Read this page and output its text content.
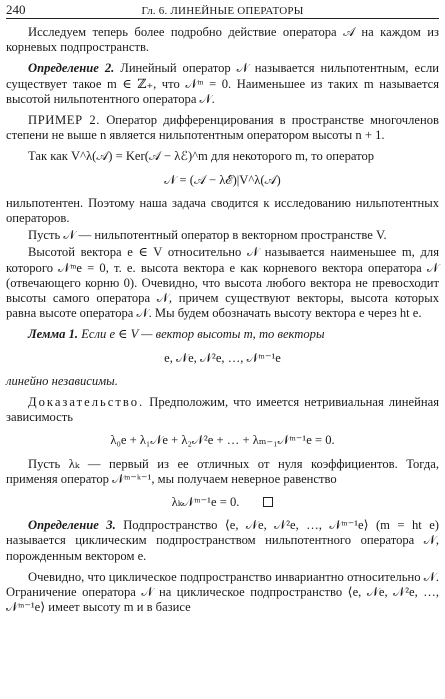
240	Гл. 6. ЛИНЕЙНЫЕ ОПЕРАТОРЫ

Исследуем теперь более подробно действие оператора 𝒜 на каждом из корневых подпространств.

Определение 2. Линейный оператор 𝒩 называется нильпотентным, если существует такое m ∈ ℤ₊, что 𝒩ᵐ = 0. Наименьшее из таких m называется высотой нильпотентного оператора 𝒩.

ПРИМЕР 2. Оператор дифференцирования в пространстве многочленов степени не выше n является нильпотентным оператором высоты n + 1.

Так как V^λ(𝒜) = Ker(𝒜 − λℰ)^m для некоторого m, то оператор

𝒩 = (𝒜 − λℰ)|V^λ(𝒜)

нильпотентен. Поэтому наша задача сводится к исследованию нильпотентных операторов.

Пусть 𝒩 — нильпотентный оператор в векторном пространстве V.

Высотой вектора e ∈ V относительно 𝒩 называется наименьшее m, для которого 𝒩ᵐe = 0, т. е. высота вектора e как корневого вектора оператора 𝒩 (отвечающего корню 0). Очевидно, что высота любого вектора не превосходит высоты самого оператора 𝒩, причем существуют векторы, высота которых равна высоте оператора 𝒩. Мы будем обозначать высоту вектора e через ht e.

Лемма 1. Если e ∈ V — вектор высоты m, то векторы

e, 𝒩e, 𝒩²e, …, 𝒩ᵐ⁻¹e

линейно независимы.

Доказательство. Предположим, что имеется нетривиальная линейная зависимость

λ₀e + λ₁𝒩e + λ₂𝒩²e + … + λₘ₋₁𝒩ᵐ⁻¹e = 0.

Пусть λₖ — первый из ее отличных от нуля коэффициентов. Тогда, применяя оператор 𝒩ᵐ⁻ᵏ⁻¹, мы получаем неверное равенство

λₖ𝒩ᵐ⁻¹e = 0.

Определение 3. Подпространство ⟨e, 𝒩e, 𝒩²e, …, 𝒩ᵐ⁻¹e⟩ (m = ht e) называется циклическим подпространством нильпотентного оператора 𝒩, порожденным вектором e.

Очевидно, что циклическое подпространство инвариантно относительно 𝒩. Ограничение оператора 𝒩 на циклическое подпространство ⟨e, 𝒩e, 𝒩²e, …, 𝒩ᵐ⁻¹e⟩ имеет высоту m и в базисе
